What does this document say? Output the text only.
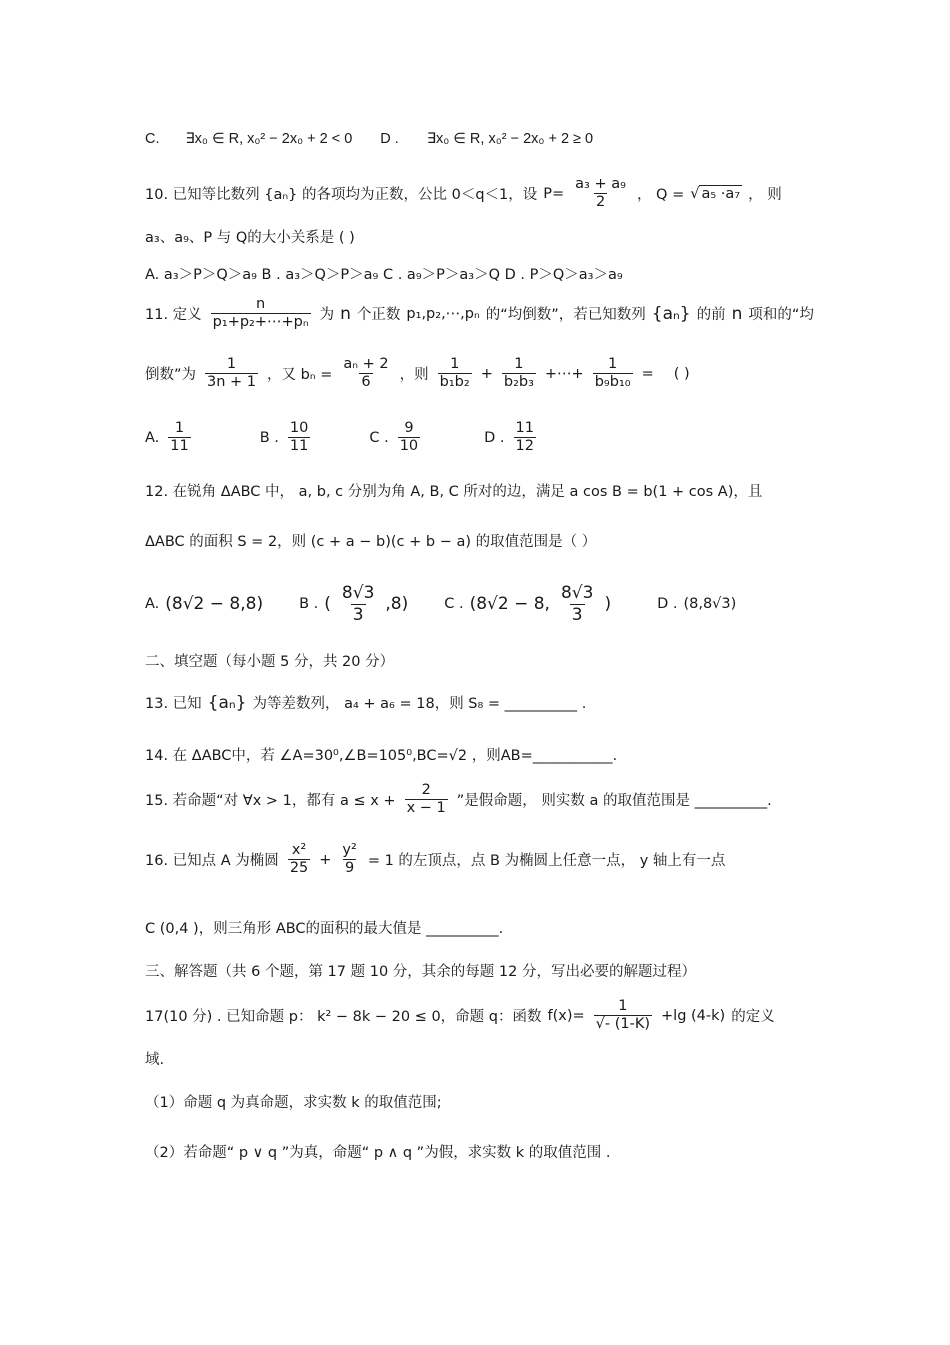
C. ∃x₀ ∈ R, x₀² − 2x₀ + 2 < 0 D . ∃x₀ ∈ R, x₀² − 2x₀ + 2 ≥ 0
10. 已知等比数列 {aₙ} 的各项均为正数，公比 0＜q＜1，设 $P= \frac{\text{a₃ + a₉}}{2}$ ， Q = √ a₅ ·a₇ ， 则
a₃、a₉、P 与 Q的大小关系是 ( )
A. a₃＞P＞Q＞a₉ B . a₃＞Q＞P＞a₉ C . a₉＞P＞a₃＞Q D . P＞Q＞a₃＞a₉
11. 定义 $\frac{n}{\text{p₁+p₂+⋯+pₙ}}$ 为 n 个正数 p₁,p₂,⋯,pₙ 的“均倒数”，若已知数列 {aₙ} 的前 n 项和的“均
倒数”为 $\frac{1}{3n + 1}$ ，又 $b_n = \frac{\text{aₙ + 2}}{6}$ ，则 $\frac{1}{\text{b₁b₂}} + \frac{1}{\text{b₂b₃}}$ +⋯+ $\frac{1}{\text{b₉b₁₀}}$ = ( )
A. $\frac{1}{11}$	B . $\frac{10}{11}$	C . $\frac{9}{10}$	D . $\frac{11}{12}$
12. 在锐角 ΔABC 中， a, b, c 分别为角 A, B, C 所对的边，满足 a cos B = b(1 + cos A)，且
ΔABC 的面积 S = 2，则 (c + a − b)(c + b − a) 的取值范围是（ ）
A. (8√2 − 8,8) B . ( $\frac{8√3}{3} ,8$) C . (8√2 − 8, $\frac{8√3}{3}$ )	D . (8,8√3)
二、填空题（每小题 5 分，共 20 分）
13. 已知 {aₙ} 为等差数列， a₄ + a₆ = 18，则 S₈ = __________ .
14. 在 ΔABC中，若 ∠A=30⁰,∠B=105⁰,BC=√2 ，则AB=___________.
15. 若命题“对 ∀x > 1，都有 $a \le x + \frac{2}{x - 1}$ ”是假命题， 则实数 a 的取值范围是 __________.
16. 已知点 A 为椭圆 $\frac{\text{x²}}{25} + \frac{\text{y²}}{9} = 1$ 的左顶点，点 B 为椭圆上任意一点， y 轴上有一点
C (0,4 )，则三角形 ABC的面积的最大值是 __________.
三、解答题（共 6 个题，第 17 题 10 分，其余的每题 12 分，写出必要的解题过程）
17(10 分) . 已知命题 p： k² − 8k − 20 ≤ 0，命题 q：函数 $f(x)= \frac{1}{√- (1-K)} +\lg$ (4-k) 的定义
域.
（1）命题 q 为真命题，求实数 k 的取值范围;
（2）若命题“ p ∨ q ”为真，命题“ p ∧ q ”为假，求实数 k 的取值范围 .
